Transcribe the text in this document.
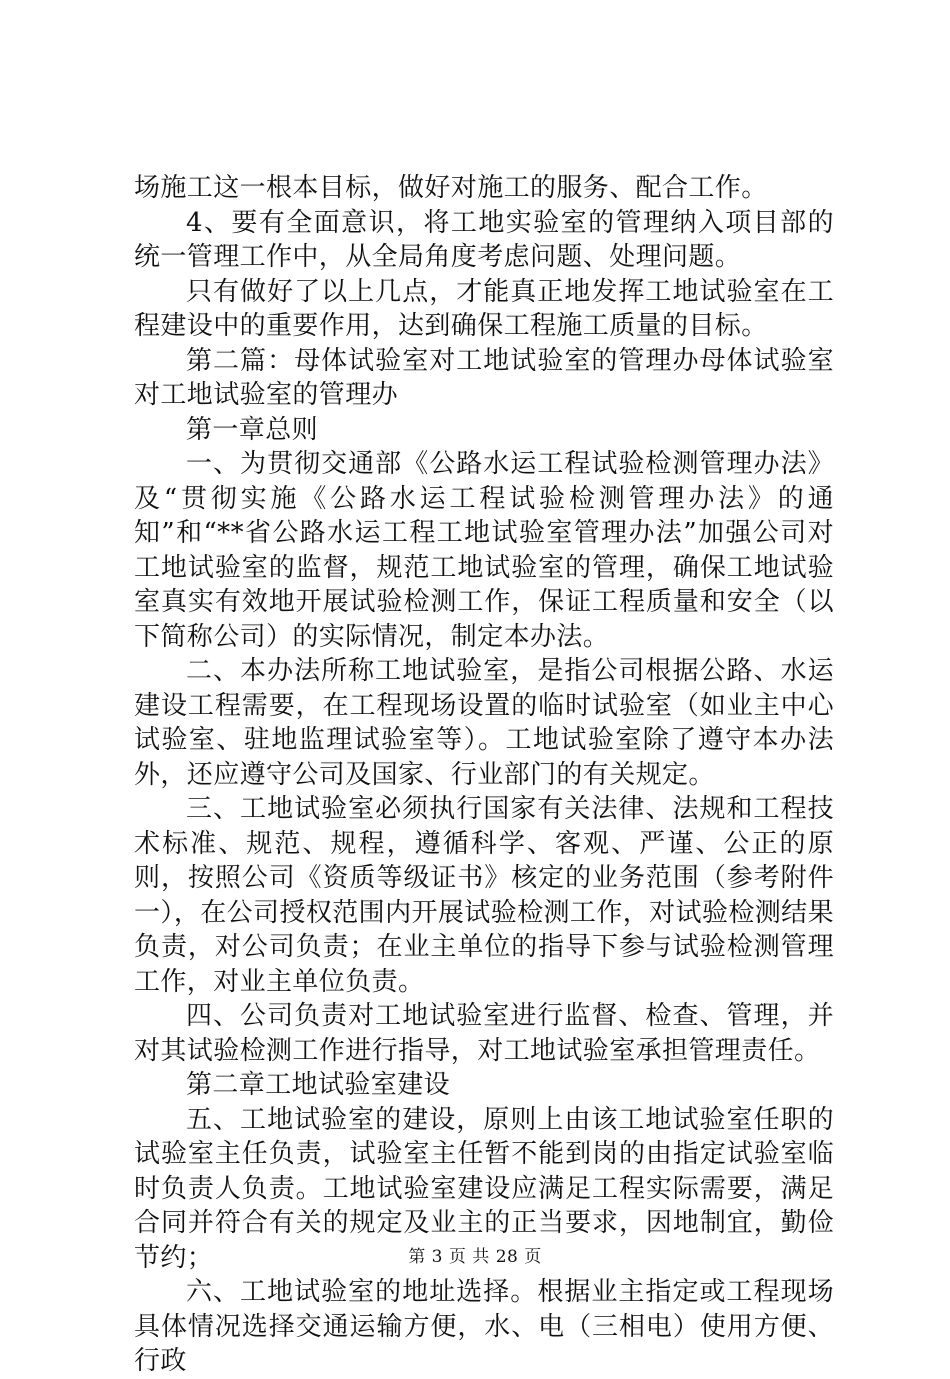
场施工这一根本目标，做好对施工的服务、配合工作。

4、要有全面意识，将工地实验室的管理纳入项目部的统一管理工作中，从全局角度考虑问题、处理问题。

只有做好了以上几点，才能真正地发挥工地试验室在工程建设中的重要作用，达到确保工程施工质量的目标。

第二篇：母体试验室对工地试验室的管理办母体试验室对工地试验室的管理办

第一章总则

一、为贯彻交通部《公路水运工程试验检测管理办法》及“贯彻实施《公路水运工程试验检测管理办法》的通知”和“**省公路水运工程工地试验室管理办法”加强公司对工地试验室的监督，规范工地试验室的管理，确保工地试验室真实有效地开展试验检测工作，保证工程质量和安全（以下简称公司）的实际情况，制定本办法。

二、本办法所称工地试验室，是指公司根据公路、水运建设工程需要，在工程现场设置的临时试验室（如业主中心试验室、驻地监理试验室等）。工地试验室除了遵守本办法外，还应遵守公司及国家、行业部门的有关规定。

三、工地试验室必须执行国家有关法律、法规和工程技术标准、规范、规程，遵循科学、客观、严谨、公正的原则，按照公司《资质等级证书》核定的业务范围（参考附件一），在公司授权范围内开展试验检测工作，对试验检测结果负责，对公司负责；在业主单位的指导下参与试验检测管理工作，对业主单位负责。

四、公司负责对工地试验室进行监督、检查、管理，并对其试验检测工作进行指导，对工地试验室承担管理责任。

第二章工地试验室建设

五、工地试验室的建设，原则上由该工地试验室任职的试验室主任负责，试验室主任暂不能到岗的由指定试验室临时负责人负责。工地试验室建设应满足工程实际需要，满足合同并符合有关的规定及业主的正当要求，因地制宜，勤俭节约；

六、工地试验室的地址选择。根据业主指定或工程现场具体情况选择交通运输方便，水、电（三相电）使用方便、行政

第 3 页 共 28 页
